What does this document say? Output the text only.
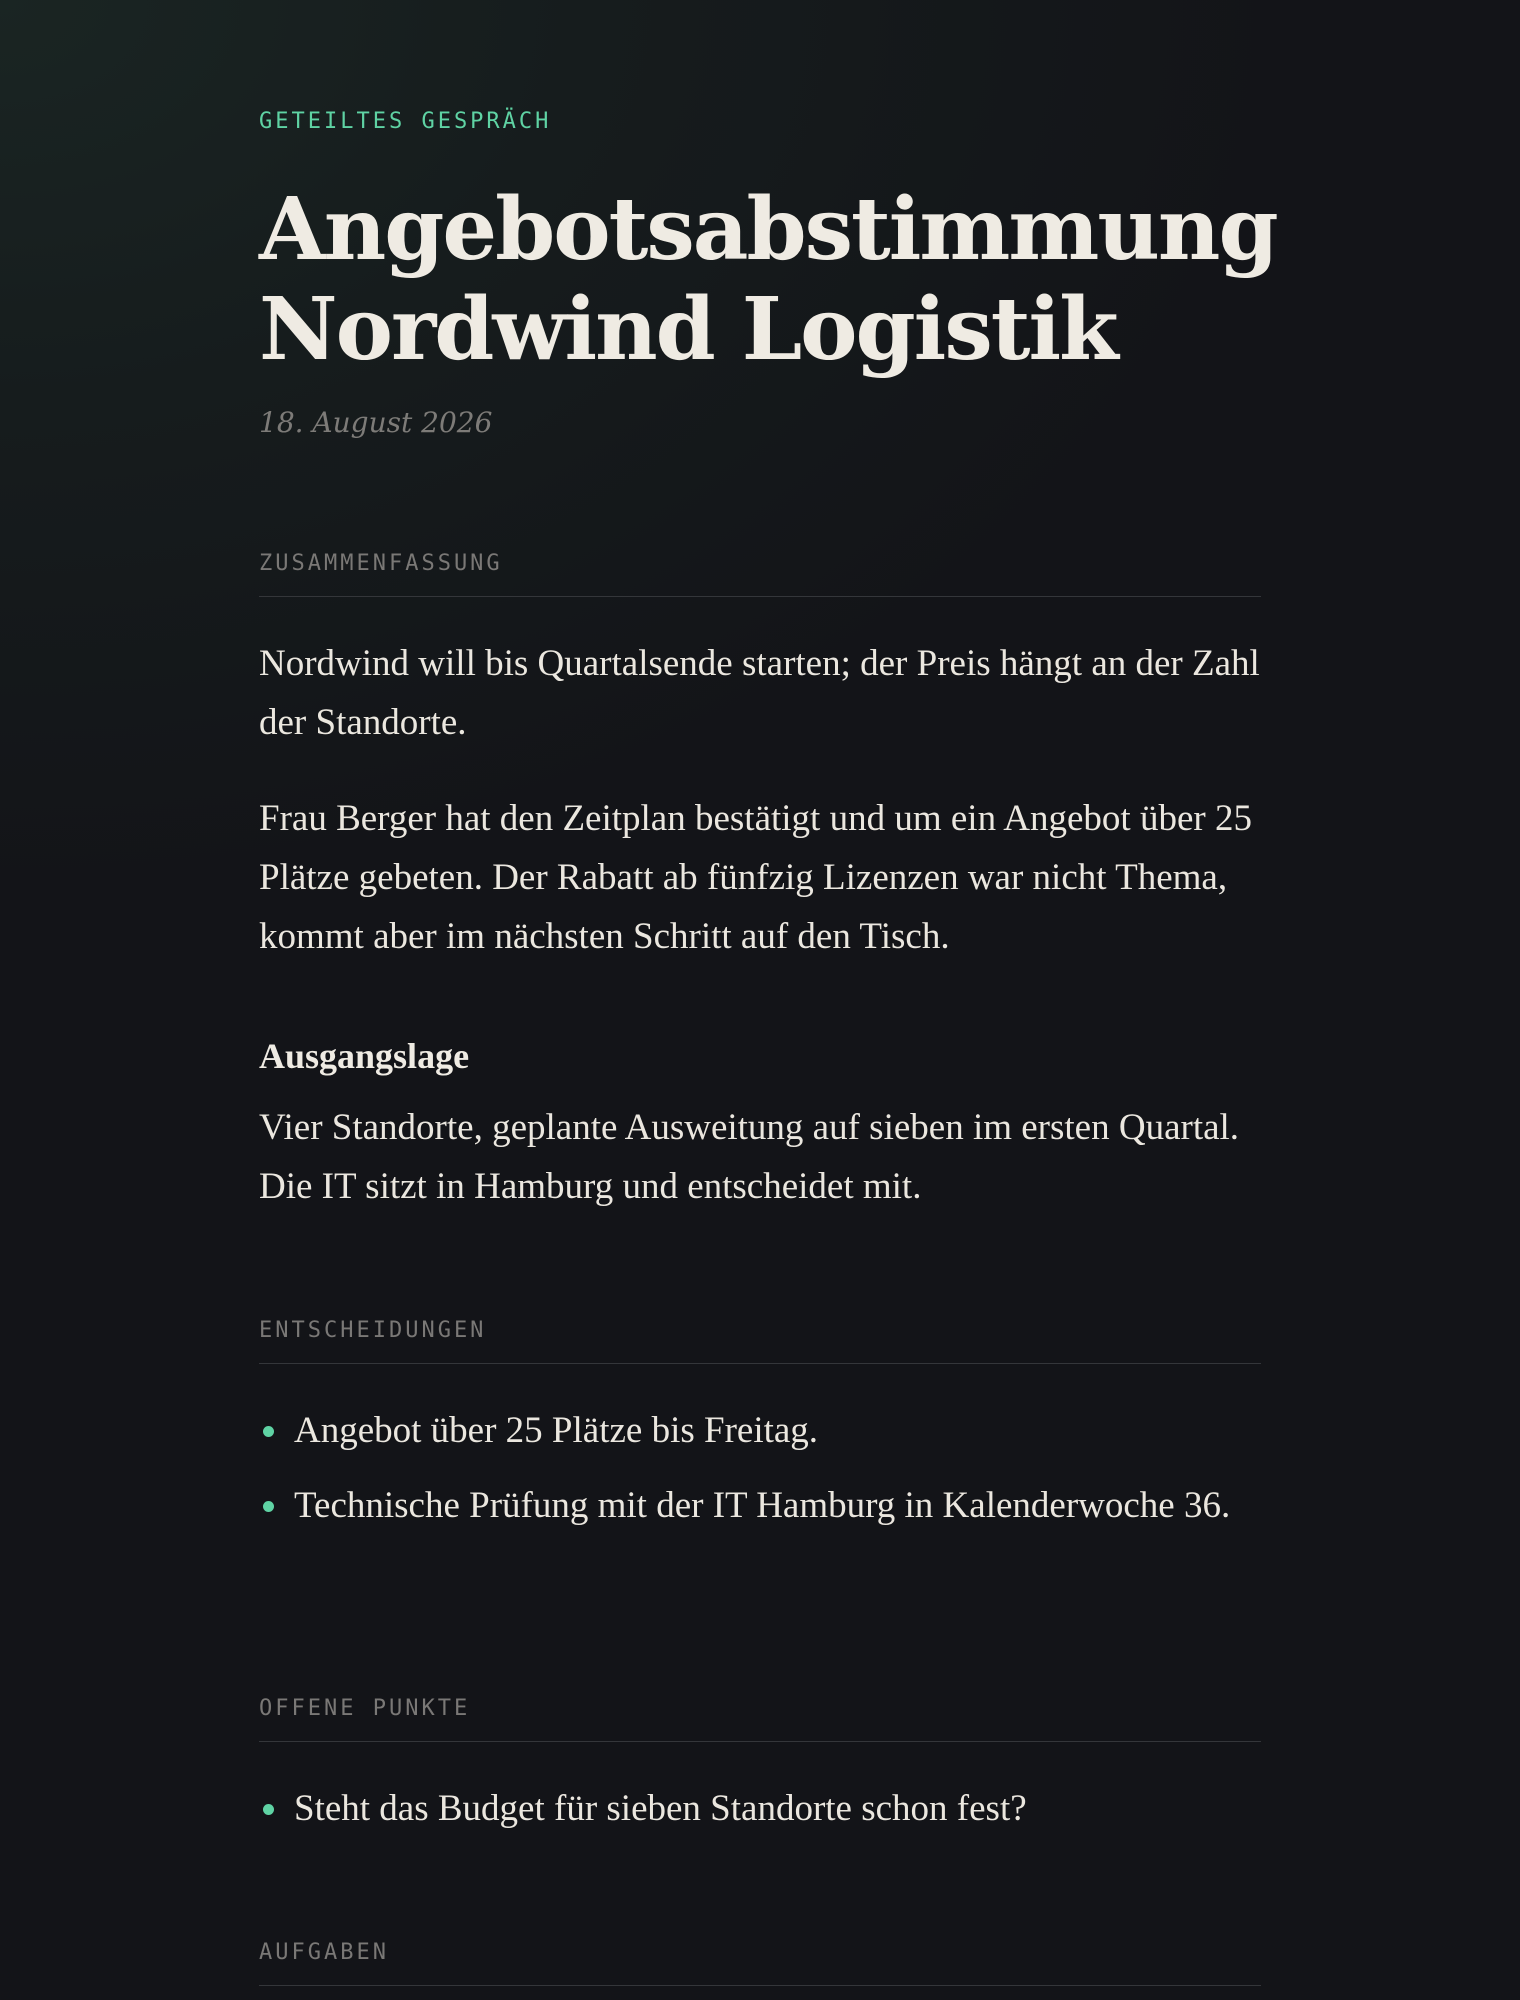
GETEILTES GESPRÄCH
Angebotsabstimmung
Nordwind Logistik
18. August 2026
ZUSAMMENFASSUNG

Nordwind will bis Quartalsende starten; der Preis hängt an der Zahl der Standorte.

Frau Berger hat den Zeitplan bestätigt und um ein Angebot über 25 Plätze gebeten. Der Rabatt ab fünfzig Lizenzen war nicht Thema, kommt aber im nächsten Schritt auf den Tisch.

Ausgangslage

Vier Standorte, geplante Ausweitung auf sieben im ersten Quartal. Die IT sitzt in Hamburg und entscheidet mit.

ENTSCHEIDUNGEN
Angebot über 25 Plätze bis Freitag.
Technische Prüfung mit der IT Hamburg in Kalenderwoche 36.
OFFENE PUNKTE
Steht das Budget für sieben Standorte schon fest?
AUFGABEN
